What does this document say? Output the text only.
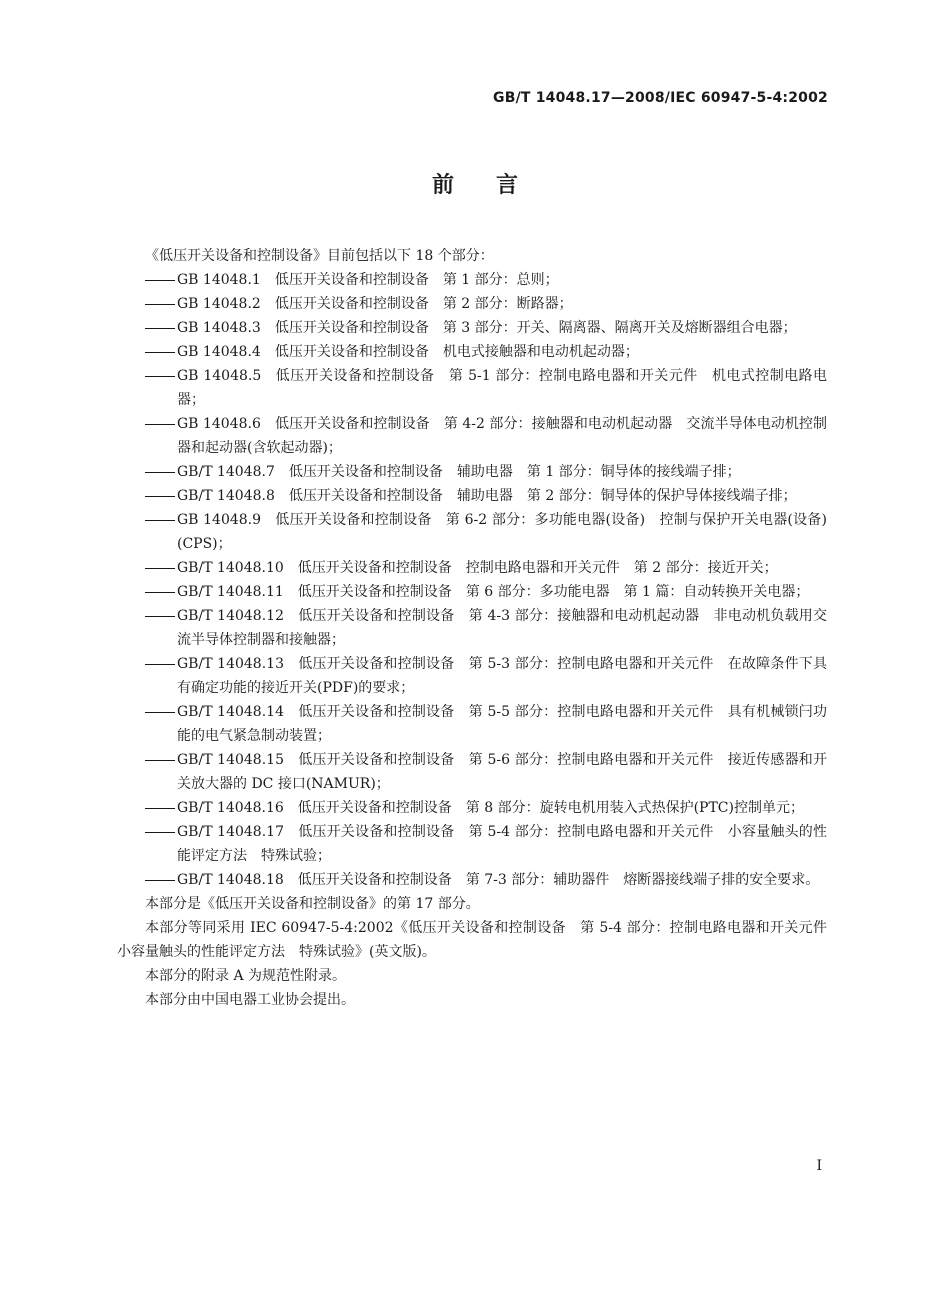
GB/T 14048.17—2008/IEC 60947-5-4:2002
前言

《低压开关设备和控制设备》目前包括以下 18 个部分：

GB 14048.1 低压开关设备和控制设备　第 1 部分：总则；

GB 14048.2 低压开关设备和控制设备　第 2 部分：断路器；

GB 14048.3 低压开关设备和控制设备　第 3 部分：开关、隔离器、隔离开关及熔断器组合电器；

GB 14048.4 低压开关设备和控制设备　机电式接触器和电动机起动器；

GB 14048.5 低压开关设备和控制设备　第 5-1 部分：控制电路电器和开关元件　机电式控制电路电器；

GB 14048.6 低压开关设备和控制设备　第 4-2 部分：接触器和电动机起动器　交流半导体电动机控制器和起动器(含软起动器)；

GB/T 14048.7 低压开关设备和控制设备　辅助电器　第 1 部分：铜导体的接线端子排；

GB/T 14048.8 低压开关设备和控制设备　辅助电器　第 2 部分：铜导体的保护导体接线端子排；

GB 14048.9 低压开关设备和控制设备　第 6-2 部分：多功能电器(设备)　控制与保护开关电器(设备)(CPS)；

GB/T 14048.10 低压开关设备和控制设备　控制电路电器和开关元件　第 2 部分：接近开关；

GB/T 14048.11 低压开关设备和控制设备　第 6 部分：多功能电器　第 1 篇：自动转换开关电器；

GB/T 14048.12 低压开关设备和控制设备　第 4-3 部分：接触器和电动机起动器　非电动机负载用交流半导体控制器和接触器；

GB/T 14048.13 低压开关设备和控制设备　第 5-3 部分：控制电路电器和开关元件　在故障条件下具有确定功能的接近开关(PDF)的要求；

GB/T 14048.14 低压开关设备和控制设备　第 5-5 部分：控制电路电器和开关元件　具有机械锁闩功能的电气紧急制动装置；

GB/T 14048.15 低压开关设备和控制设备　第 5-6 部分：控制电路电器和开关元件　接近传感器和开关放大器的 DC 接口(NAMUR)；

GB/T 14048.16 低压开关设备和控制设备　第 8 部分：旋转电机用装入式热保护(PTC)控制单元；

GB/T 14048.17 低压开关设备和控制设备　第 5-4 部分：控制电路电器和开关元件　小容量触头的性能评定方法　特殊试验；

GB/T 14048.18 低压开关设备和控制设备　第 7-3 部分：辅助器件　熔断器接线端子排的安全要求。

本部分是《低压开关设备和控制设备》的第 17 部分。

本部分等同采用 IEC 60947-5-4:2002《低压开关设备和控制设备　第 5-4 部分：控制电路电器和开关元件　小容量触头的性能评定方法　特殊试验》(英文版)。

本部分的附录 A 为规范性附录。

本部分由中国电器工业协会提出。

I
